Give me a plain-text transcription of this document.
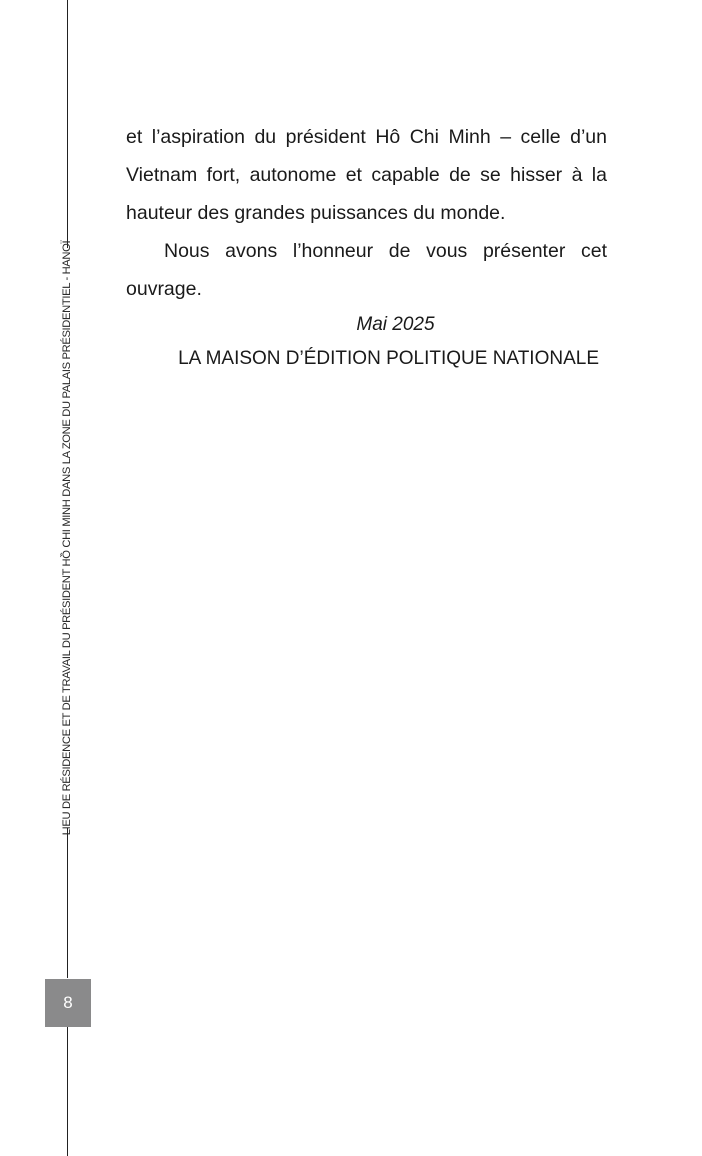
LIEU DE RÉSIDENCE ET DE TRAVAIL DU PRÉSIDENT HỒ CHI MINH DANS LA ZONE DU PALAIS PRÉSIDENTIEL - HANOÏ
8

et l’aspiration du président Hô Chi Minh – celle d’un Vietnam fort, autonome et capable de se hisser à la hauteur des grandes puissances du monde.

Nous avons l’honneur de vous présenter cet ouvrage.

Mai 2025
LA MAISON D’ÉDITION POLITIQUE NATIONALE
